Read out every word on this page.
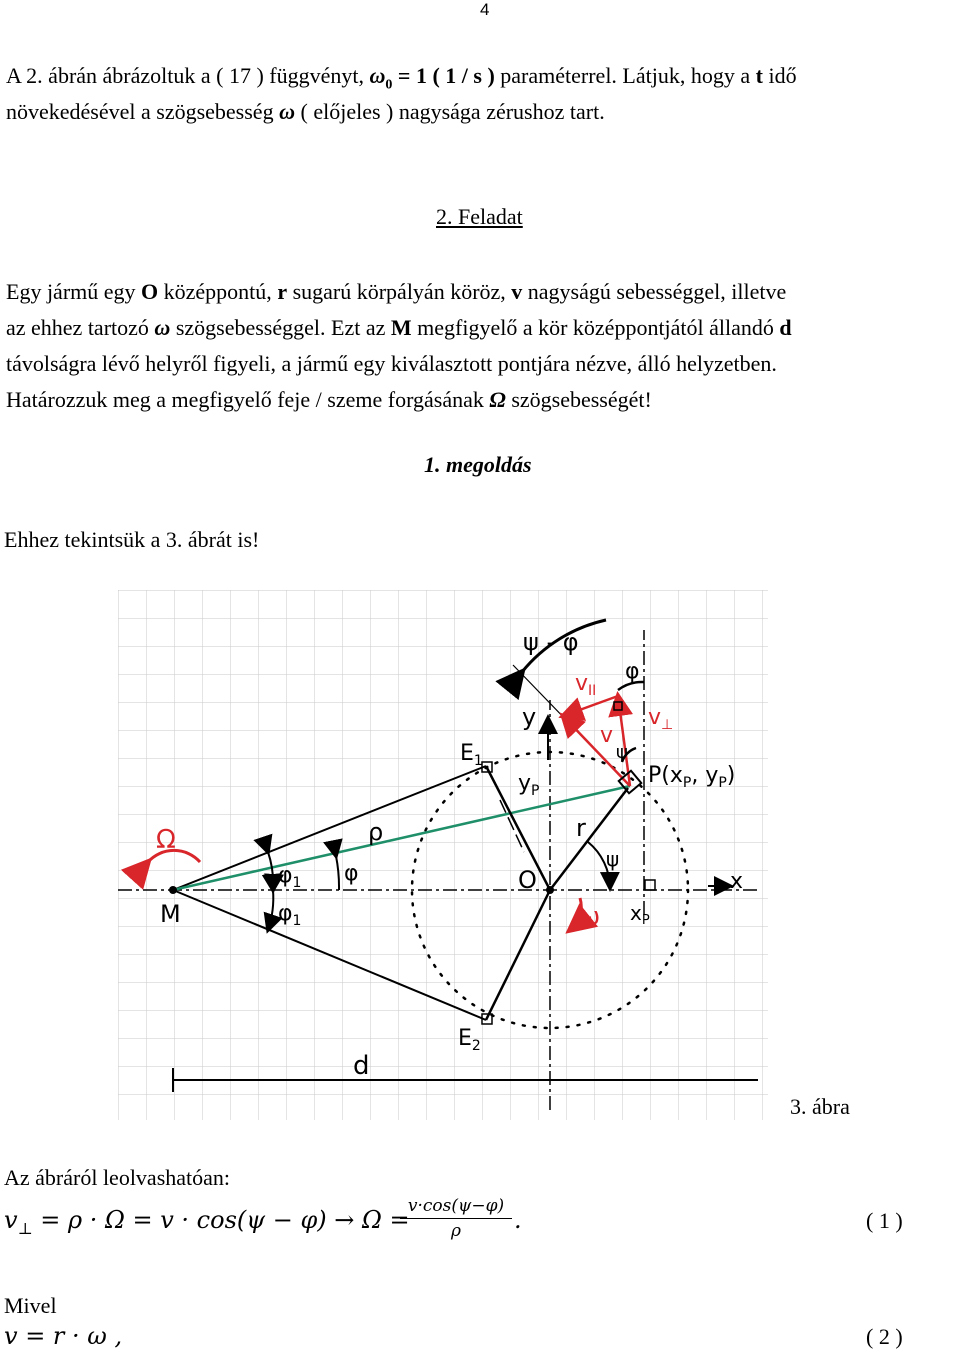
4

A 2. ábrán ábrázoltuk a ( 17 ) függvényt, $\omega_0 = 1$ ( 1 / s ) paraméterrel. Látjuk, hogy a t idő

növekedésével a szögsebesség ω ( előjeles ) nagysága zérushoz tart.

2. Feladat

Egy jármű egy O középpontú, r sugarú körpályán köröz, v nagyságú sebességgel, illetve

az ehhez tartozó ω szögsebességgel. Ezt az M megfigyelő a kör középpontjától állandó d

távolságra lévő helyről figyeli, a jármű egy kiválasztott pontjára nézve, álló helyzetben.

Határozzuk meg a megfigyelő feje / szeme forgásának Ω szögsebességét!

1. megoldás

Ehhez tekintsük a 3. ábrát is!

ψ - φ
φ
$v_{II}$
$v_\perp$
v
y
ψ
$E_1$
$y_P$
$P(x_P$, $y_P$)
Ω	ρ	r
$\varphi_1$ φ
ψ
O	x
M	$\varphi_1$	ω $x_P$
$E_2$
d
3. ábra

Az ábráról leolvashatóan:

$v_\perp = \rho \cdot \Omega = v \cdot \cos(\psi - \varphi) \to \Omega$ =
$\frac{v\cdot\cos(\psi-\varphi)}{\rho}$ .	( 1 )

Mivel

v = r · ω ,	( 2 )
